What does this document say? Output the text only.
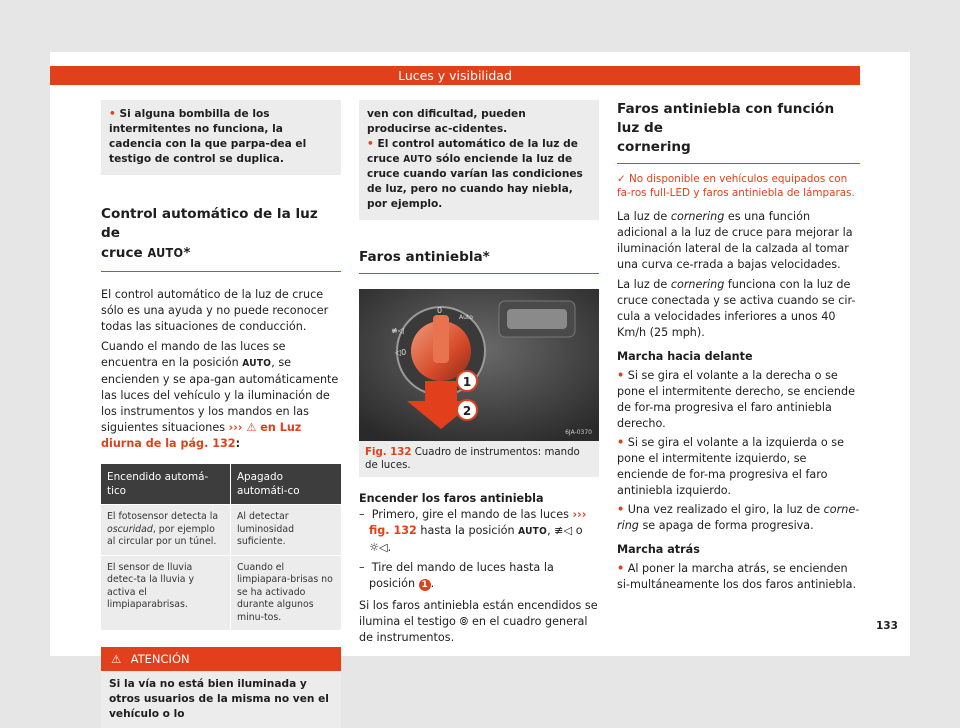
Luces y visibilidad

• Si alguna bombilla de los intermitentes no funciona, la cadencia con la que parpa-dea el testigo de control se duplica.

Control automático de la luz de
cruce AUTO*

El control automático de la luz de cruce sólo es una ayuda y no puede reconocer todas las situaciones de conducción.

Cuando el mando de las luces se encuentra en la posición AUTO, se encienden y se apa-gan automáticamente las luces del vehículo y la iluminación de los instrumentos y los mandos en las siguientes situaciones ››› ⚠ en Luz diurna de la pág. 132:

Encendido automá-tico	Apagado automáti-co
El fotosensor detecta la oscuridad, por ejemplo al circular por un túnel.	Al detectar luminosidad suficiente.
El sensor de lluvia detec-ta la lluvia y activa el limpiaparabrisas.	Cuando el limpiapara-brisas no se ha activado durante algunos minu-tos.
⚠ ATENCIÓN
Si la vía no está bien iluminada y otros usuarios de la misma no ven el vehículo o lo

ven con dificultad, pueden producirse ac-cidentes.

• El control automático de la luz de cruce AUTO sólo enciende la luz de cruce cuando varían las condiciones de luz, pero no cuando hay niebla, por ejemplo.

Faros antiniebla*
≢◁
◁0
0
Auto
1
2
6JA-0370
Fig. 132 Cuadro de instrumentos: mando de luces.

Encender los faros antiniebla

–  Primero, gire el mando de las luces ››› fig. 132 hasta la posición AUTO, ≢◁ o ☼◁.

–  Tire del mando de luces hasta la posición 1 .

Si los faros antiniebla están encendidos se ilumina el testigo ⦾ en el cuadro general de instrumentos.

Faros antiniebla con función luz de
cornering

✓ No disponible en vehículos equipados con fa-ros full-LED y faros antiniebla de lámparas.

La luz de cornering es una función adicional a la luz de cruce para mejorar la iluminación lateral de la calzada al tomar una curva ce-rrada a bajas velocidades.

La luz de cornering funciona con la luz de cruce conectada y se activa cuando se cir-cula a velocidades inferiores a unos 40 Km/h (25 mph).

Marcha hacia delante

• Si se gira el volante a la derecha o se pone el intermitente derecho, se enciende de for-ma progresiva el faro antiniebla derecho.

• Si se gira el volante a la izquierda o se pone el intermitente izquierdo, se enciende de for-ma progresiva el faro antiniebla izquierdo.

• Una vez realizado el giro, la luz de corne-ring se apaga de forma progresiva.

Marcha atrás

• Al poner la marcha atrás, se encienden si-multáneamente los dos faros antiniebla.

133
